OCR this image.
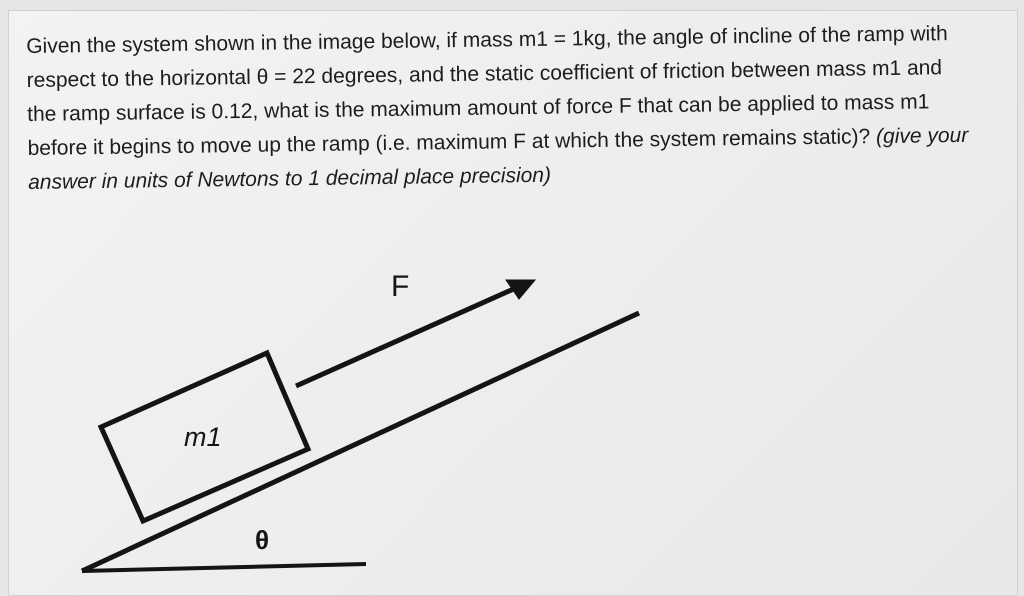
Given the system shown in the image below, if mass m1 = 1kg, the angle of incline of the ramp with respect to the horizontal θ = 22 degrees, and the static coefficient of friction between mass m1 and the ramp surface is 0.12, what is the maximum amount of force F that can be applied to mass m1 before it begins to move up the ramp (i.e. maximum F at which the system remains static)? (give your answer in units of Newtons to 1 decimal place precision)

F
m1
θ
